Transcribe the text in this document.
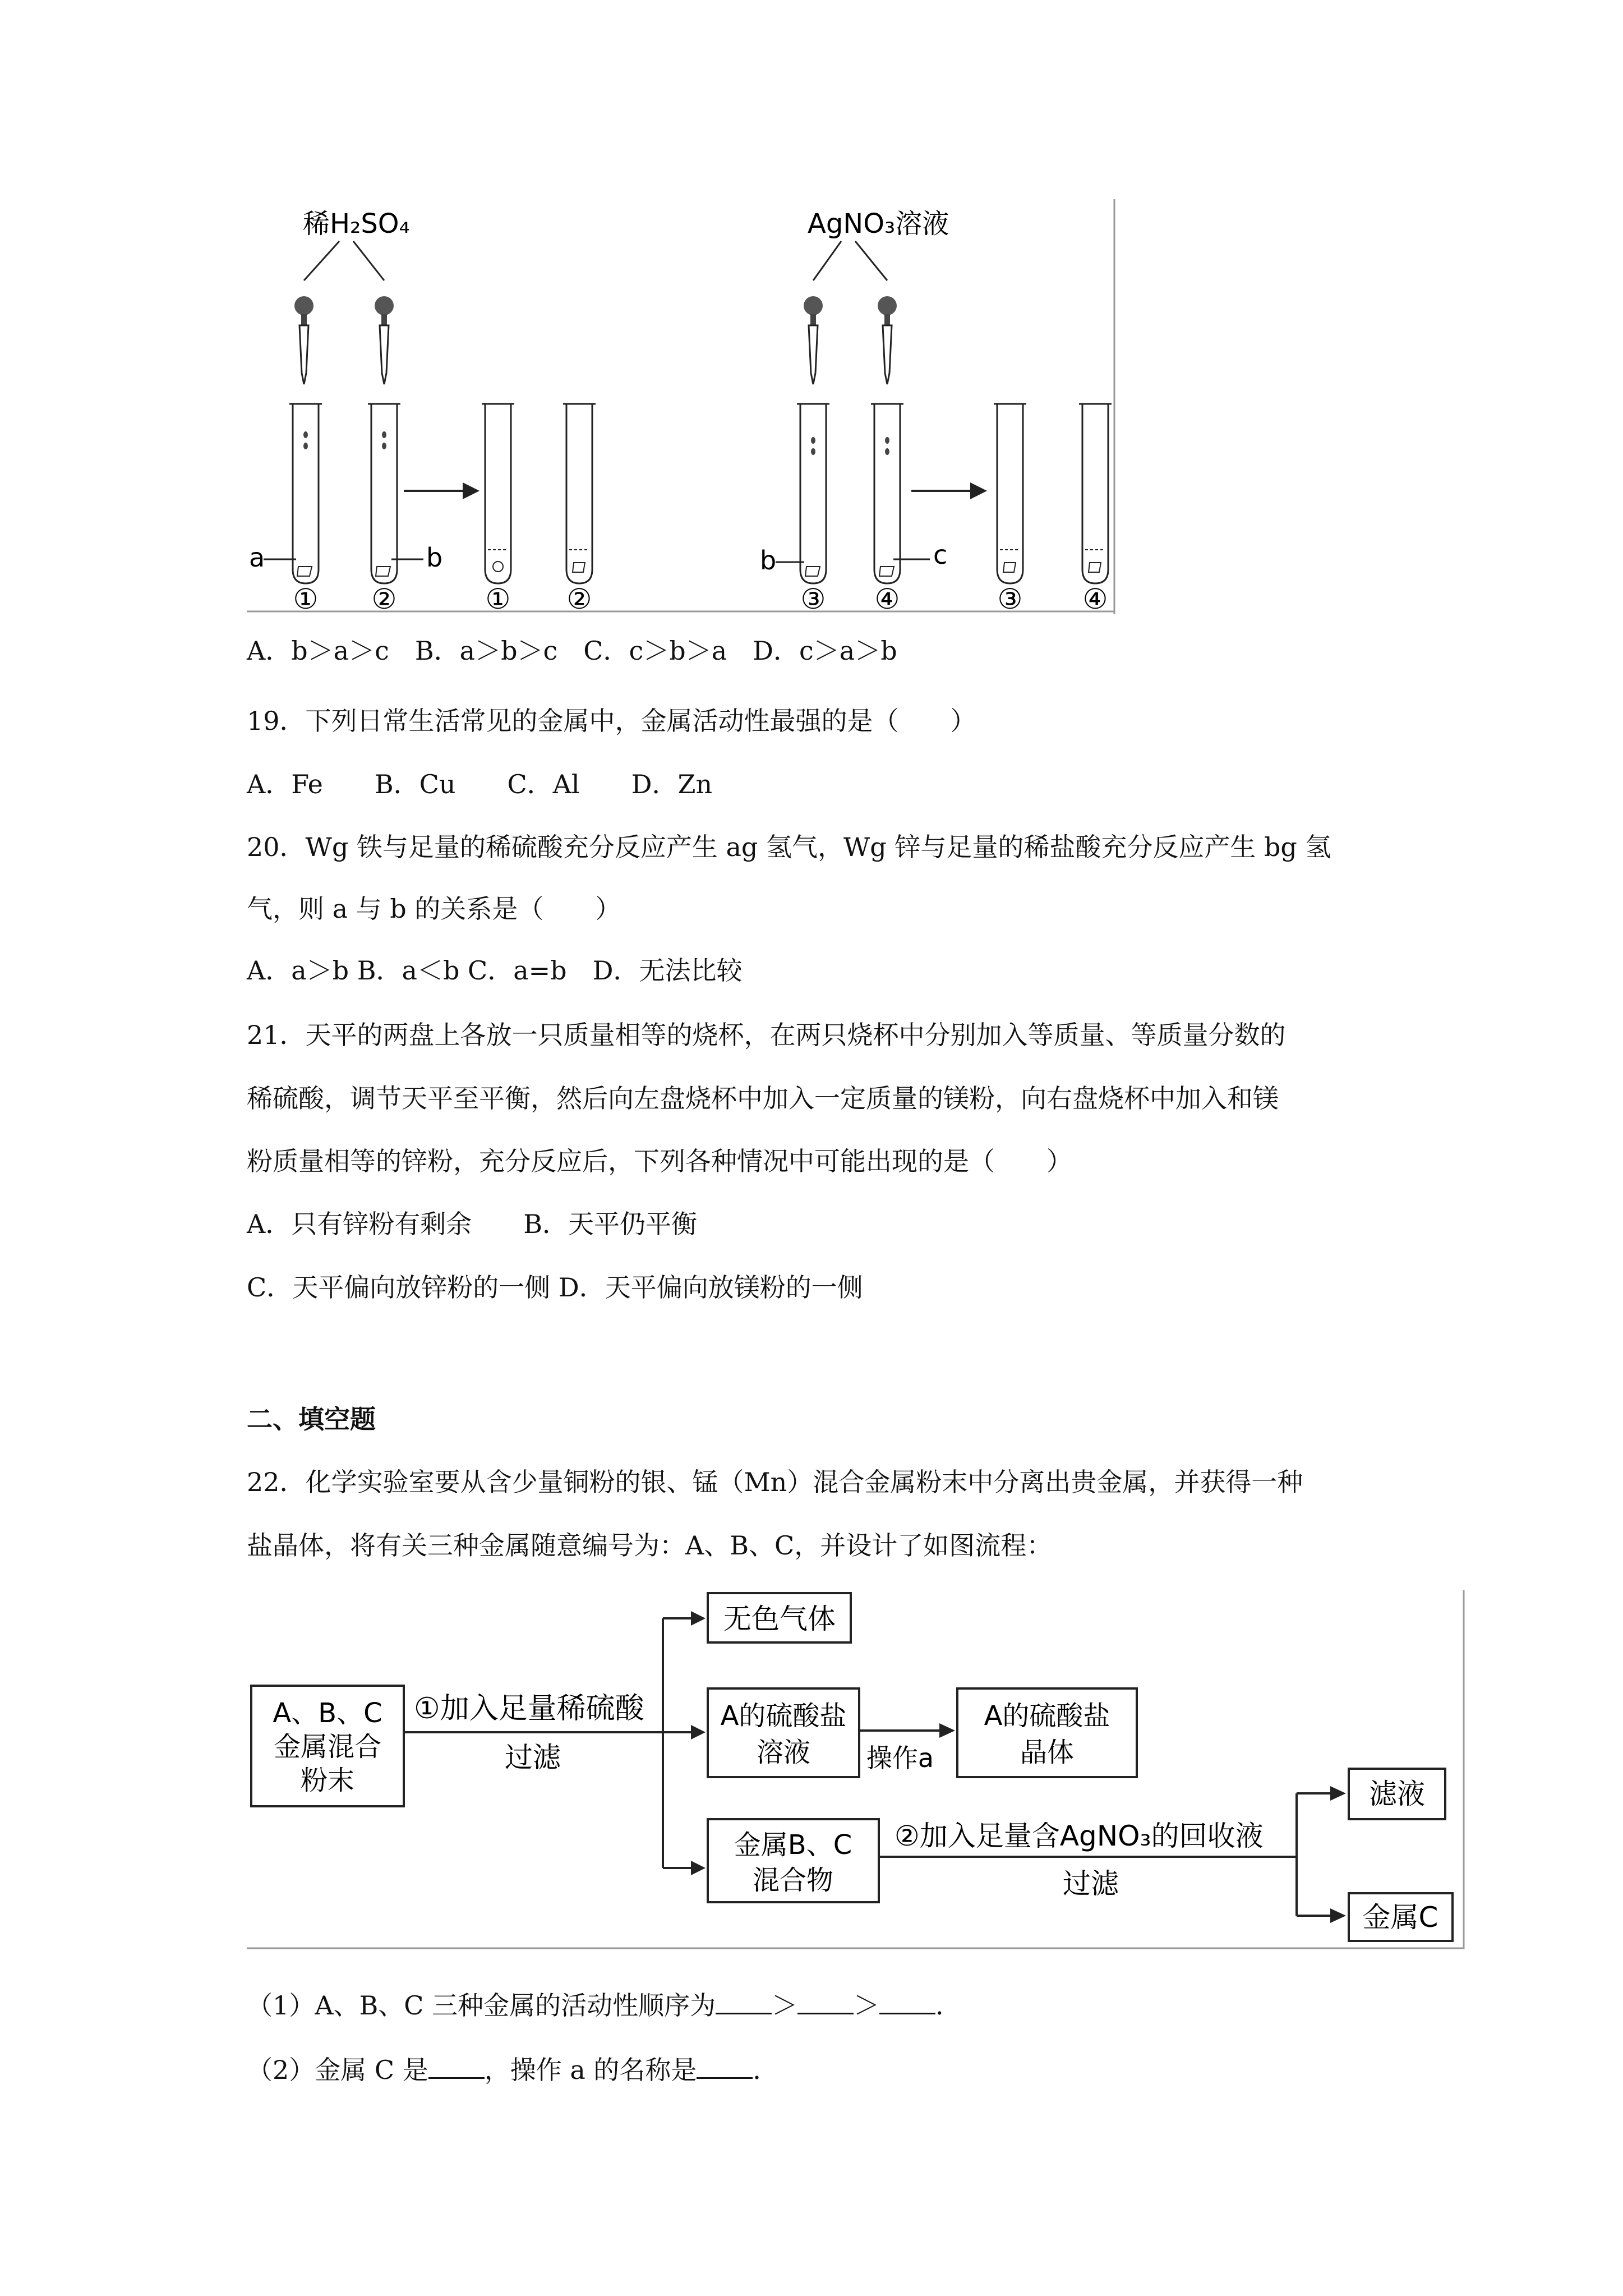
稀H₂SO₄	AgNO₃溶液
a	b	b	c
① ②	① ②	③ ④	③ ④
A．b＞a＞c　B．a＞b＞c　C．c＞b＞a　D．c＞a＞b
19．下列日常生活常见的金属中，金属活动性最强的是（　　）
A．Fe　　B．Cu　　C．Al　　D．Zn
20．Wg 铁与足量的稀硫酸充分反应产生 ag 氢气，Wg 锌与足量的稀盐酸充分反应产生 bg 氢
气，则 a 与 b 的关系是（　　）
A．a＞b B．a＜b C．a=b　D．无法比较
21．天平的两盘上各放一只质量相等的烧杯，在两只烧杯中分别加入等质量、等质量分数的
稀硫酸，调节天平至平衡，然后向左盘烧杯中加入一定质量的镁粉，向右盘烧杯中加入和镁
粉质量相等的锌粉，充分反应后，下列各种情况中可能出现的是（　　）
A．只有锌粉有剩余　　B．天平仍平衡
C．天平偏向放锌粉的一侧 D．天平偏向放镁粉的一侧
二、填空题
22．化学实验室要从含少量铜粉的银、锰（Mn）混合金属粉末中分离出贵金属，并获得一种
盐晶体，将有关三种金属随意编号为：A、B、C，并设计了如图流程：
A、B、C
金属混合
粉末
①加入足量稀硫酸
过滤
无色气体
A的硫酸盐
溶液 操作a
A的硫酸盐
晶体
金属B、C
混合物
②加入足量含AgNO₃的回收液
过滤
滤液
金属C
（1）A、B、C 三种金属的活动性顺序为 ＞ ＞ ．
（2）金属 C 是 ，操作 a 的名称是 ．
